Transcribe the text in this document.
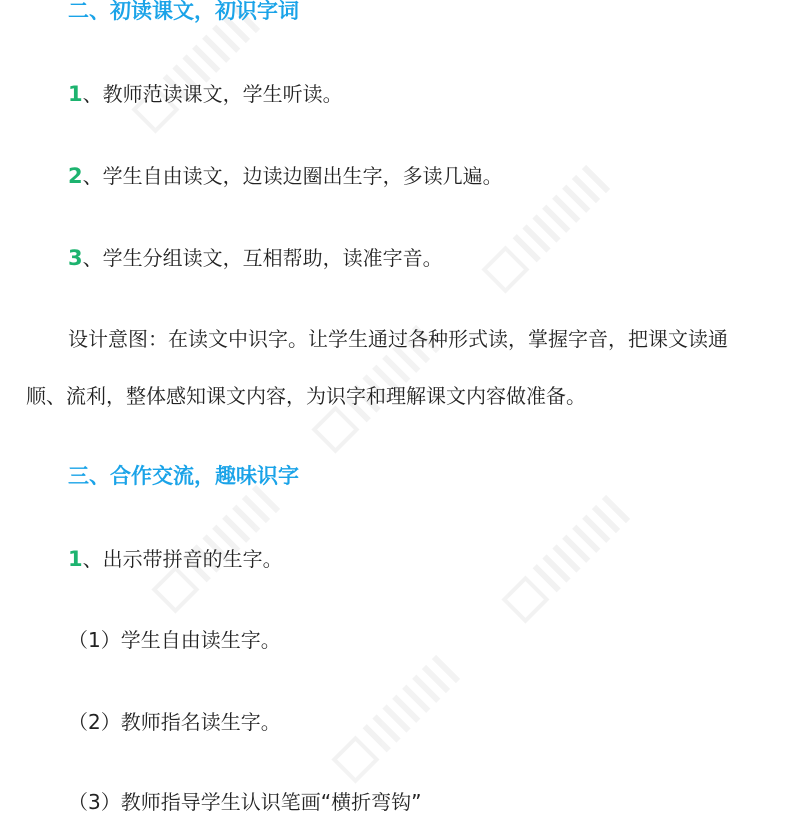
二、初读课文，初识字词
1、教师范读课文，学生听读。
2、学生自由读文，边读边圈出生字，多读几遍。
3、学生分组读文，互相帮助，读准字音。
设计意图：在读文中识字。让学生通过各种形式读，掌握字音，把课文读通
顺、流利，整体感知课文内容，为识字和理解课文内容做准备。
三、合作交流，趣味识字
1、出示带拼音的生字。
（1）学生自由读生字。
（2）教师指名读生字。
（3）教师指导学生认识笔画“横折弯钩”
